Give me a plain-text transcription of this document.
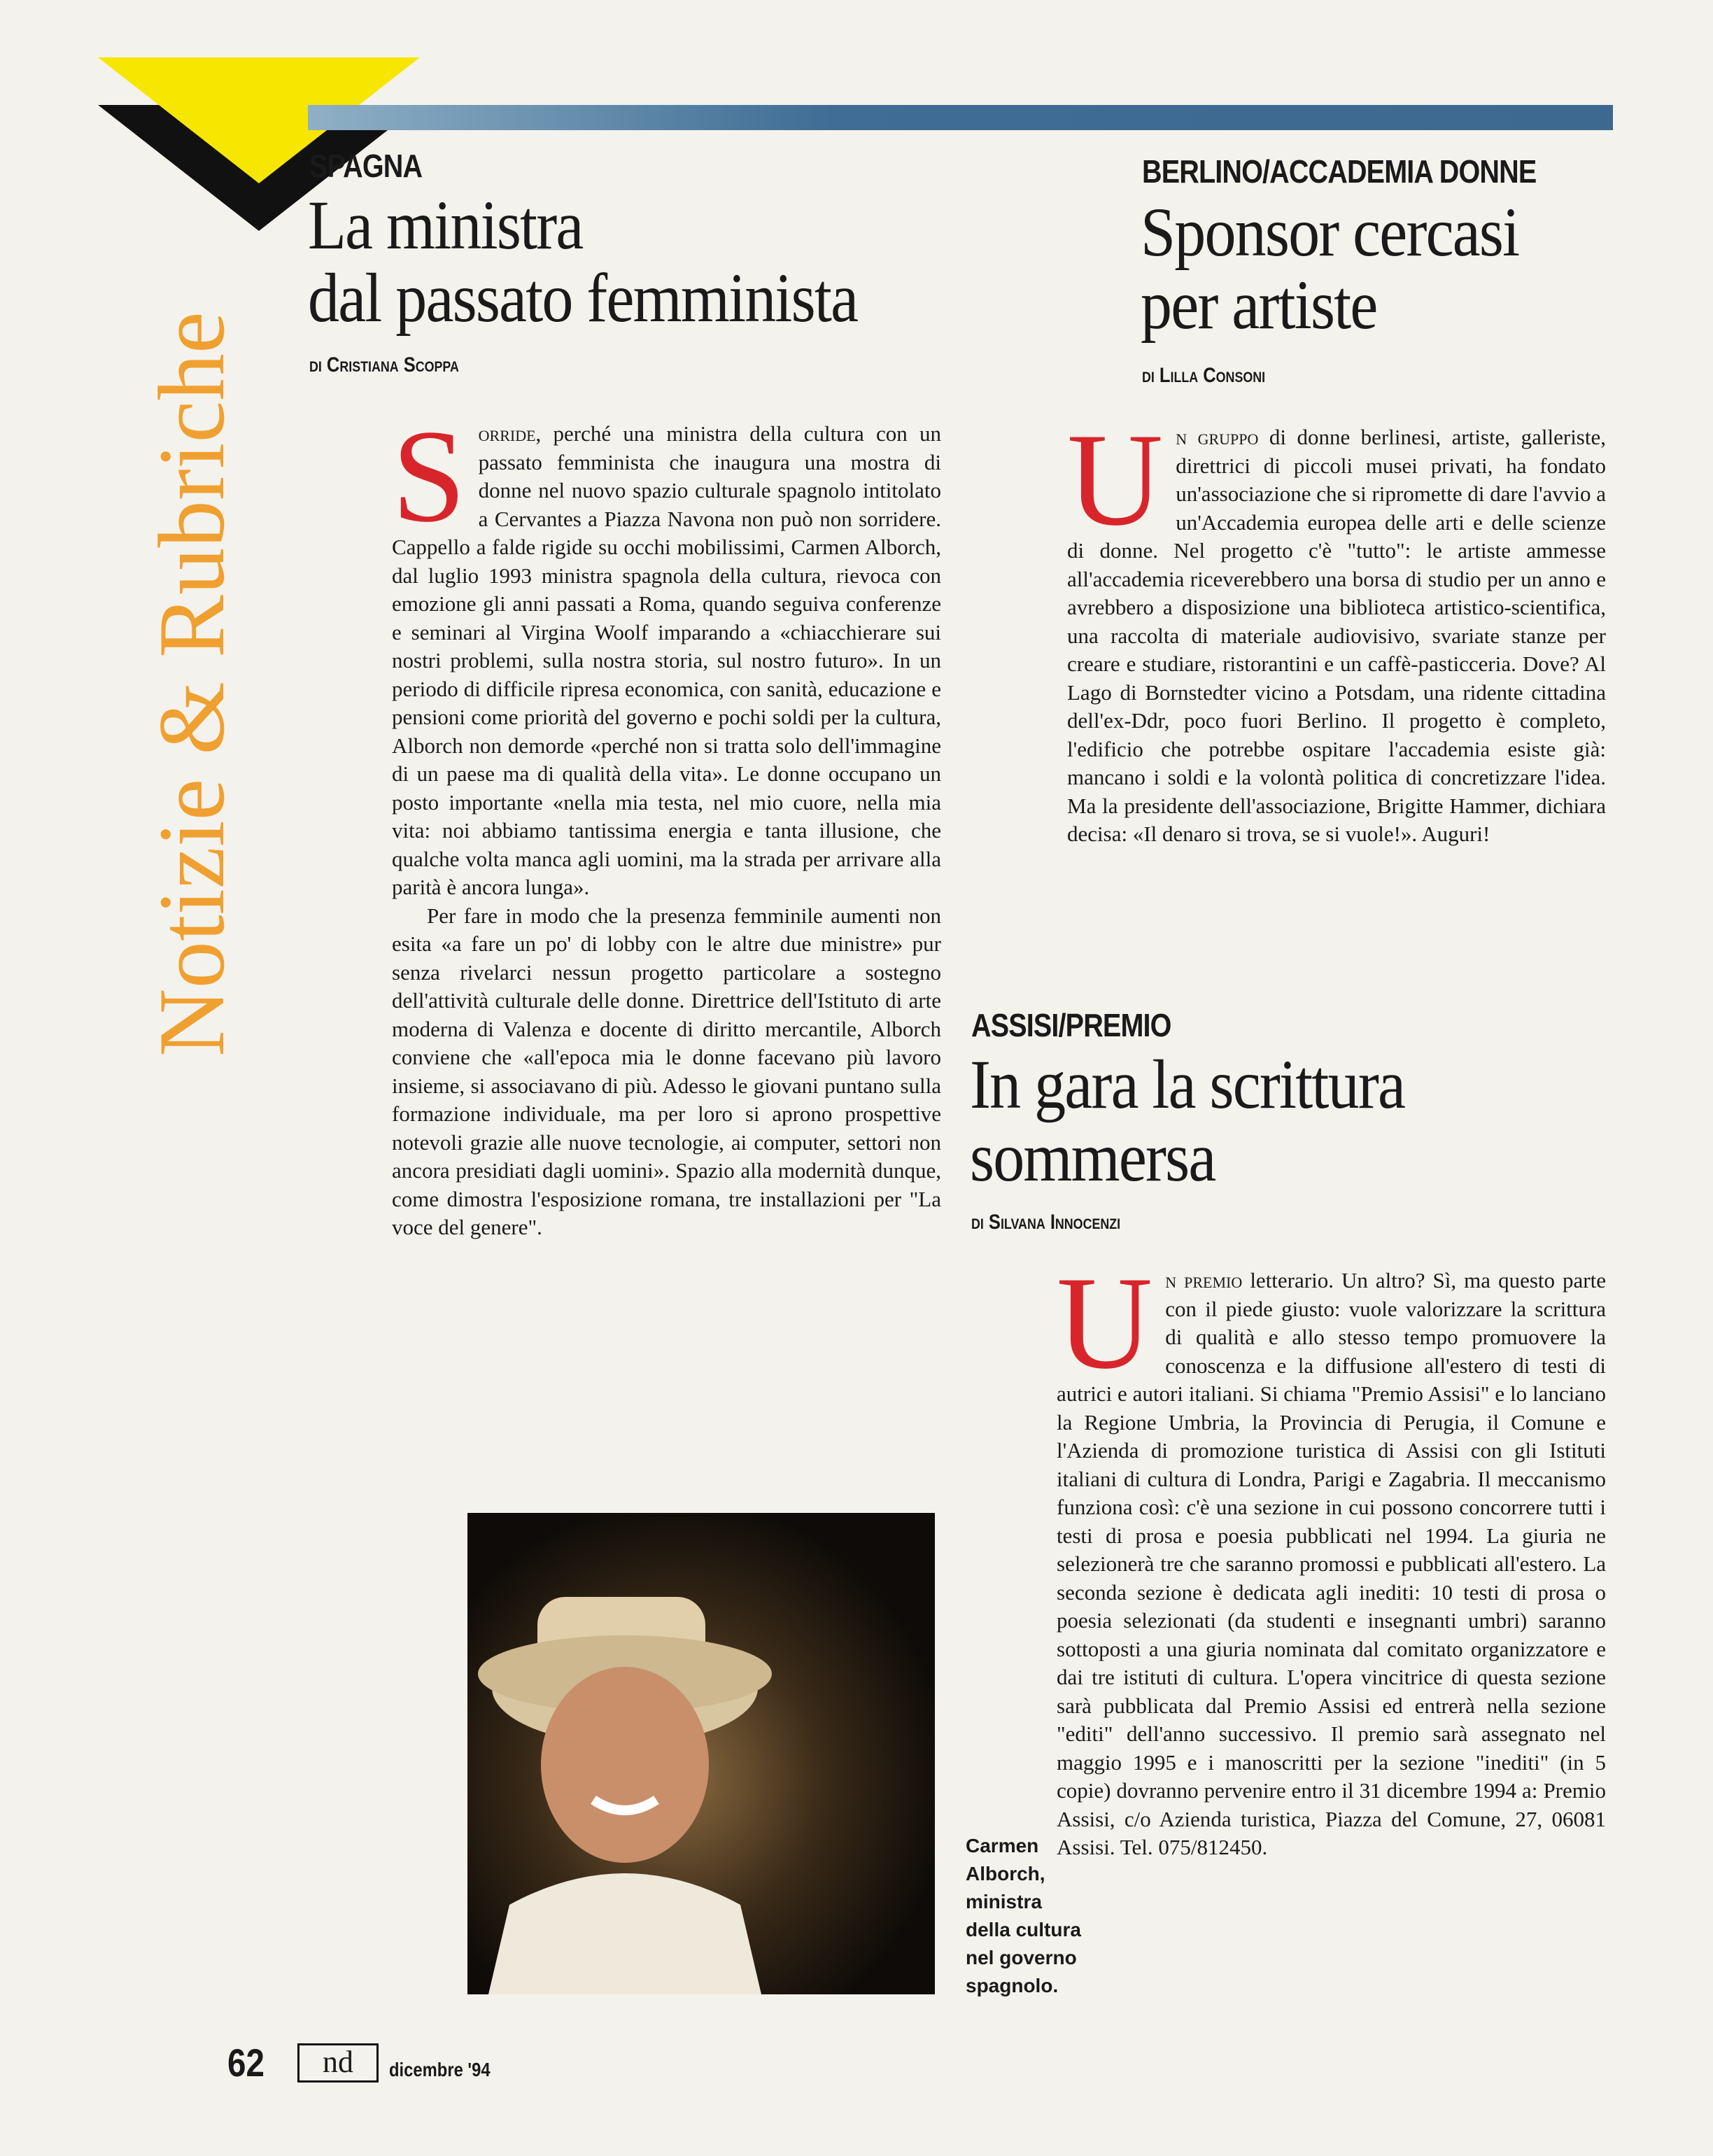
Notizie & Rubriche
SPAGNA
La ministra
dal passato femminista
di Cristiana Scoppa

Sorride, perché una ministra della cultura con un passato femminista che inaugura una mostra di donne nel nuovo spazio culturale spagnolo intitolato a Cervantes a Piazza Navona non può non sorridere. Cappello a falde rigide su occhi mobilissimi, Carmen Alborch, dal luglio 1993 ministra spagnola della cultura, rievoca con emozione gli anni passati a Roma, quando seguiva conferenze e seminari al Virgina Woolf imparando a «chiacchierare sui nostri problemi, sulla nostra storia, sul nostro futuro». In un periodo di difficile ripresa economica, con sanità, educazione e pensioni come priorità del governo e pochi soldi per la cultura, Alborch non demorde «perché non si tratta solo dell'immagine di un paese ma di qualità della vita». Le donne occupano un posto importante «nella mia testa, nel mio cuore, nella mia vita: noi abbiamo tantissima energia e tanta illusione, che qualche volta manca agli uomini, ma la strada per arrivare alla parità è ancora lunga».

Per fare in modo che la presenza femminile aumenti non esita «a fare un po' di lobby con le altre due ministre» pur senza rivelarci nessun progetto particolare a sostegno dell'attività culturale delle donne. Direttrice dell'Istituto di arte moderna di Valenza e docente di diritto mercantile, Alborch conviene che «all'epoca mia le donne facevano più lavoro insieme, si associavano di più. Adesso le giovani puntano sulla formazione individuale, ma per loro si aprono prospettive notevoli grazie alle nuove tecnologie, ai computer, settori non ancora presidiati dagli uomini». Spazio alla modernità dunque, come dimostra l'esposizione romana, tre installazioni per "La voce del genere".

Carmen Alborch, ministra della cultura nel governo spagnolo.
BERLINO/ACCADEMIA DONNE
Sponsor cercasi
per artiste
di Lilla Consoni

Un gruppo di donne berlinesi, artiste, galleriste, direttrici di piccoli musei privati, ha fondato un'associazione che si ripromette di dare l'avvio a un'Accademia europea delle arti e delle scienze di donne. Nel progetto c'è "tutto": le artiste ammesse all'accademia riceverebbero una borsa di studio per un anno e avrebbero a disposizione una biblioteca artistico-scientifica, una raccolta di materiale audiovisivo, svariate stanze per creare e studiare, ristorantini e un caffè-pasticceria. Dove? Al Lago di Bornstedter vicino a Potsdam, una ridente cittadina dell'ex-Ddr, poco fuori Berlino. Il progetto è completo, l'edificio che potrebbe ospitare l'accademia esiste già: mancano i soldi e la volontà politica di concretizzare l'idea. Ma la presidente dell'associazione, Brigitte Hammer, dichiara decisa: «Il denaro si trova, se si vuole!». Auguri!

ASSISI/PREMIO
In gara la scrittura
sommersa
di Silvana Innocenzi

Un premio letterario. Un altro? Sì, ma questo parte con il piede giusto: vuole valorizzare la scrittura di qualità e allo stesso tempo promuovere la conoscenza e la diffusione all'estero di testi di autrici e autori italiani. Si chiama "Premio Assisi" e lo lanciano la Regione Umbria, la Provincia di Perugia, il Comune e l'Azienda di promozione turistica di Assisi con gli Istituti italiani di cultura di Londra, Parigi e Zagabria. Il meccanismo funziona così: c'è una sezione in cui possono concorrere tutti i testi di prosa e poesia pubblicati nel 1994. La giuria ne selezionerà tre che saranno promossi e pubblicati all'estero. La seconda sezione è dedicata agli inediti: 10 testi di prosa o poesia selezionati (da studenti e insegnanti umbri) saranno sottoposti a una giuria nominata dal comitato organizzatore e dai tre istituti di cultura. L'opera vincitrice di questa sezione sarà pubblicata dal Premio Assisi ed entrerà nella sezione "editi" dell'anno successivo. Il premio sarà assegnato nel maggio 1995 e i manoscritti per la sezione "inediti" (in 5 copie) dovranno pervenire entro il 31 dicembre 1994 a: Premio Assisi, c/o Azienda turistica, Piazza del Comune, 27, 06081 Assisi. Tel. 075/812450.

62	nd	dicembre '94
